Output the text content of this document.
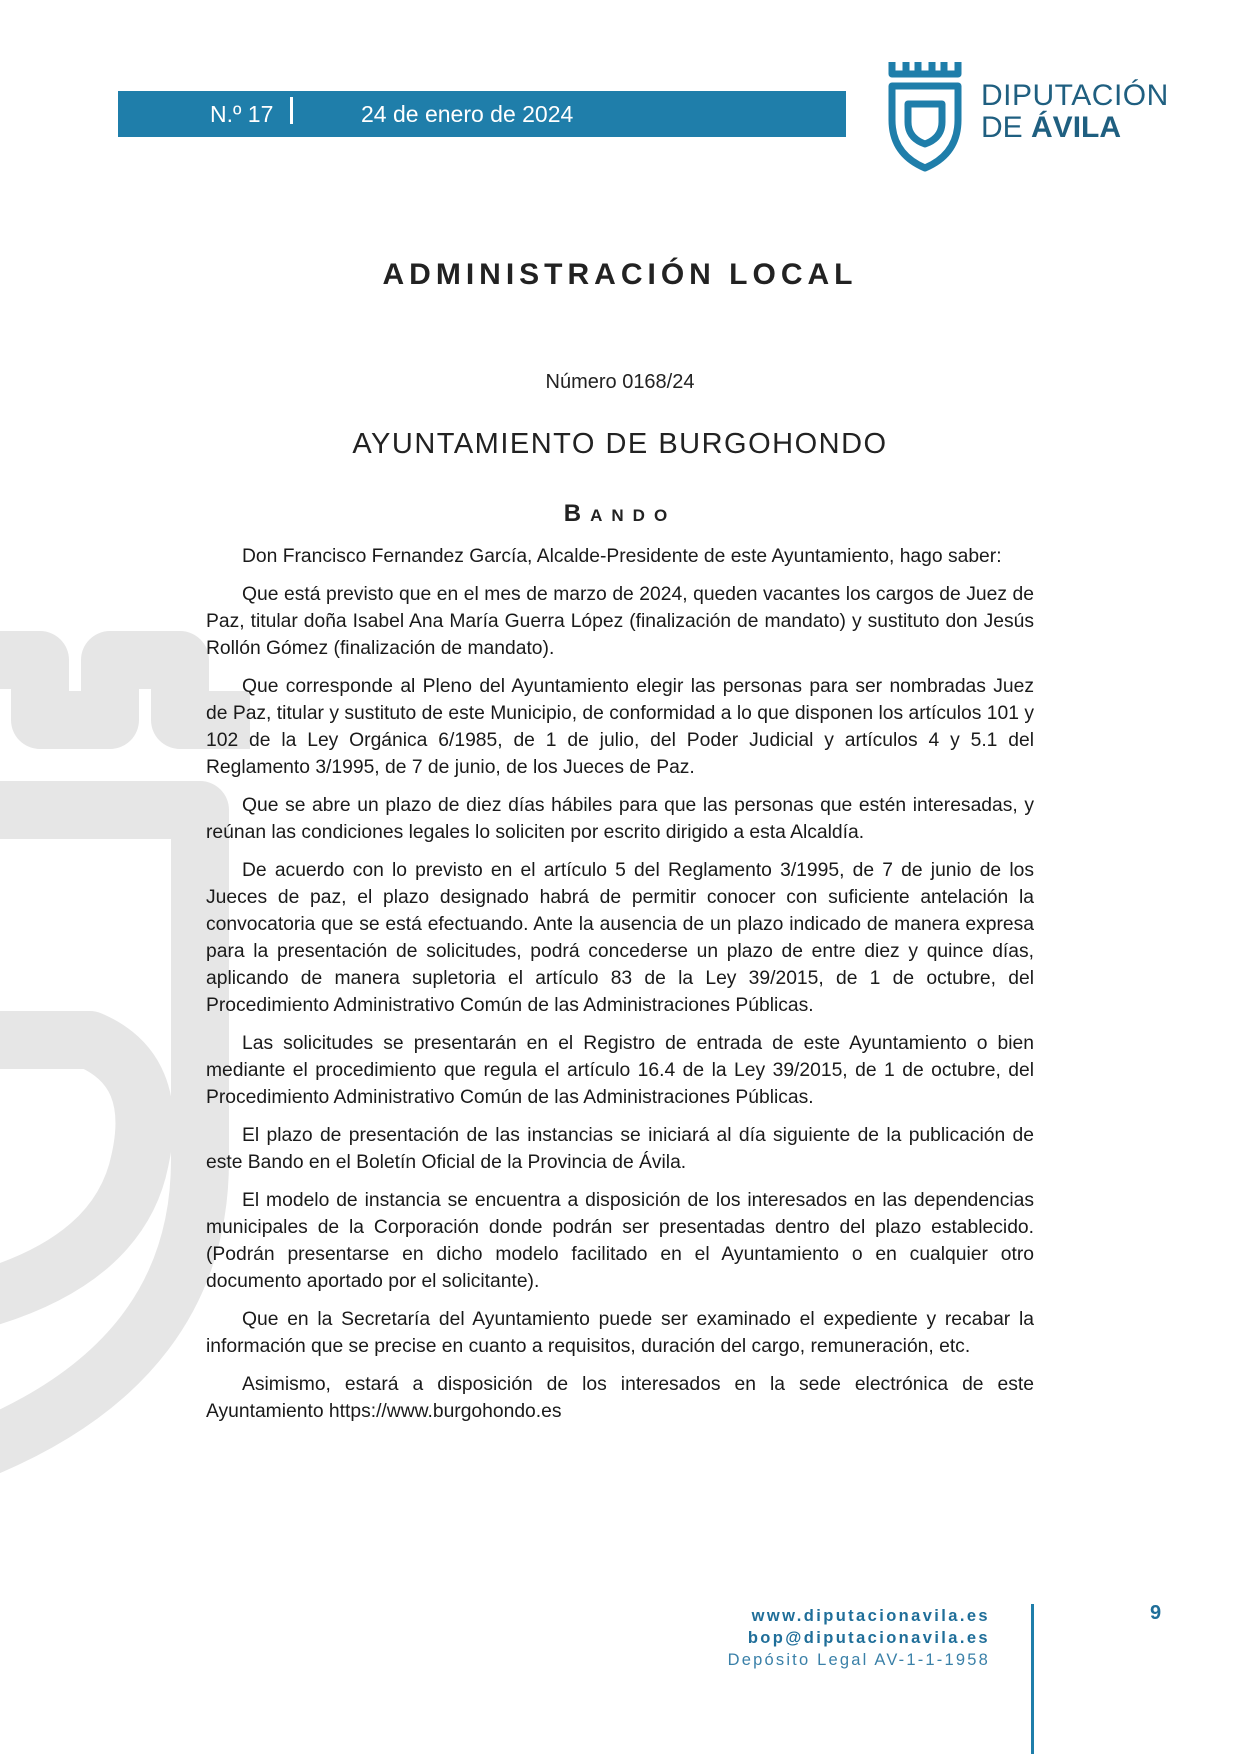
N.º 17	24 de enero de 2024
DIPUTACIÓN
DE ÁVILA
ADMINISTRACIÓN LOCAL
Número 0168/24
AYUNTAMIENTO DE BURGOHONDO
Bando

Don Francisco Fernandez García, Alcalde-Presidente de este Ayuntamiento, hago saber:

Que está previsto que en el mes de marzo de 2024, queden vacantes los cargos de Juez de Paz, titular doña Isabel Ana María Guerra López (finalización de mandato) y sustituto don Jesús Rollón Gómez (finalización de mandato).

Que corresponde al Pleno del Ayuntamiento elegir las personas para ser nombradas Juez de Paz, titular y sustituto de este Municipio, de conformidad a lo que disponen los artículos 101 y 102 de la Ley Orgánica 6/1985, de 1 de julio, del Poder Judicial y artículos 4 y 5.1 del Reglamento 3/1995, de 7 de junio, de los Jueces de Paz.

Que se abre un plazo de diez días hábiles para que las personas que estén interesadas, y reúnan las condiciones legales lo soliciten por escrito dirigido a esta Alcaldía.

De acuerdo con lo previsto en el artículo 5 del Reglamento 3/1995, de 7 de junio de los Jueces de paz, el plazo designado habrá de permitir conocer con suficiente antelación la convocatoria que se está efectuando. Ante la ausencia de un plazo indicado de manera expresa para la presentación de solicitudes, podrá concederse un plazo de entre diez y quince días, aplicando de manera supletoria el artículo 83 de la Ley 39/2015, de 1 de octubre, del Procedimiento Administrativo Común de las Administraciones Públicas.

Las solicitudes se presentarán en el Registro de entrada de este Ayuntamiento o bien mediante el procedimiento que regula el artículo 16.4 de la Ley 39/2015, de 1 de octubre, del Procedimiento Administrativo Común de las Administraciones Públicas.

El plazo de presentación de las instancias se iniciará al día siguiente de la publicación de este Bando en el Boletín Oficial de la Provincia de Ávila.

El modelo de instancia se encuentra a disposición de los interesados en las dependencias municipales de la Corporación donde podrán ser presentadas dentro del plazo establecido. (Podrán presentarse en dicho modelo facilitado en el Ayuntamiento o en cualquier otro documento aportado por el solicitante).

Que en la Secretaría del Ayuntamiento puede ser examinado el expediente y recabar la información que se precise en cuanto a requisitos, duración del cargo, remuneración, etc.

Asimismo, estará a disposición de los interesados en la sede electrónica de este Ayuntamiento https://www.burgohondo.es

www.diputacionavila.es
bop@diputacionavila.es
Depósito Legal AV-1-1-1958
9
